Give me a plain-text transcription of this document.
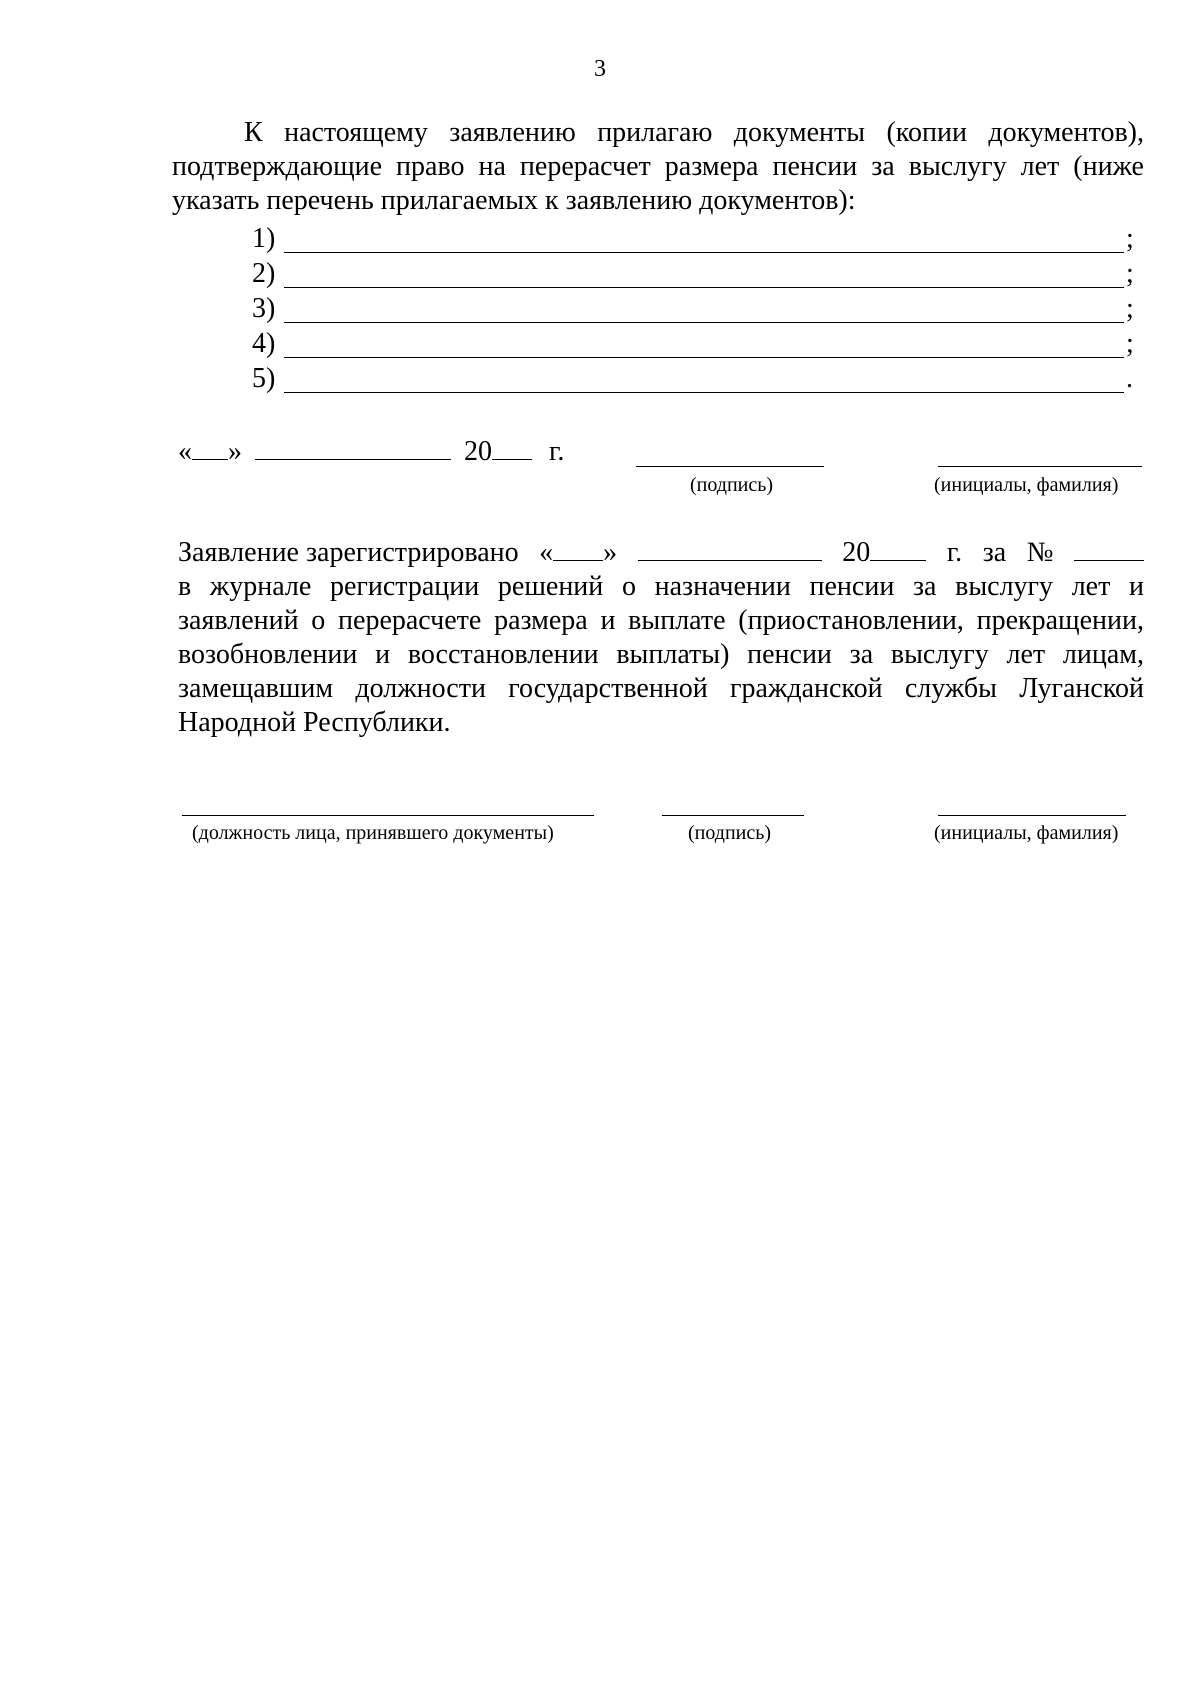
3

К настоящему заявлению прилагаю документы (копии документов), подтверждающие право на перерасчет размера пенсии за выслугу лет (ниже указать перечень прилагаемых к заявлению документов):

1)	;
2)	;
3)	;
4)	;
5)	.
« »	20 г.
(подпись)	(инициалы, фамилия)
Заявление зарегистрировано « »	20	г. за №
в журнале регистрации решений о назначении пенсии за выслугу лет и заявлений о перерасчете размера и выплате (приостановлении, прекращении, возобновлении и восстановлении выплаты) пенсии за выслугу лет лицам, замещавшим должности государственной гражданской службы Луганской Народной Республики.
(должность лица, принявшего документы)	(подпись)	(инициалы, фамилия)
